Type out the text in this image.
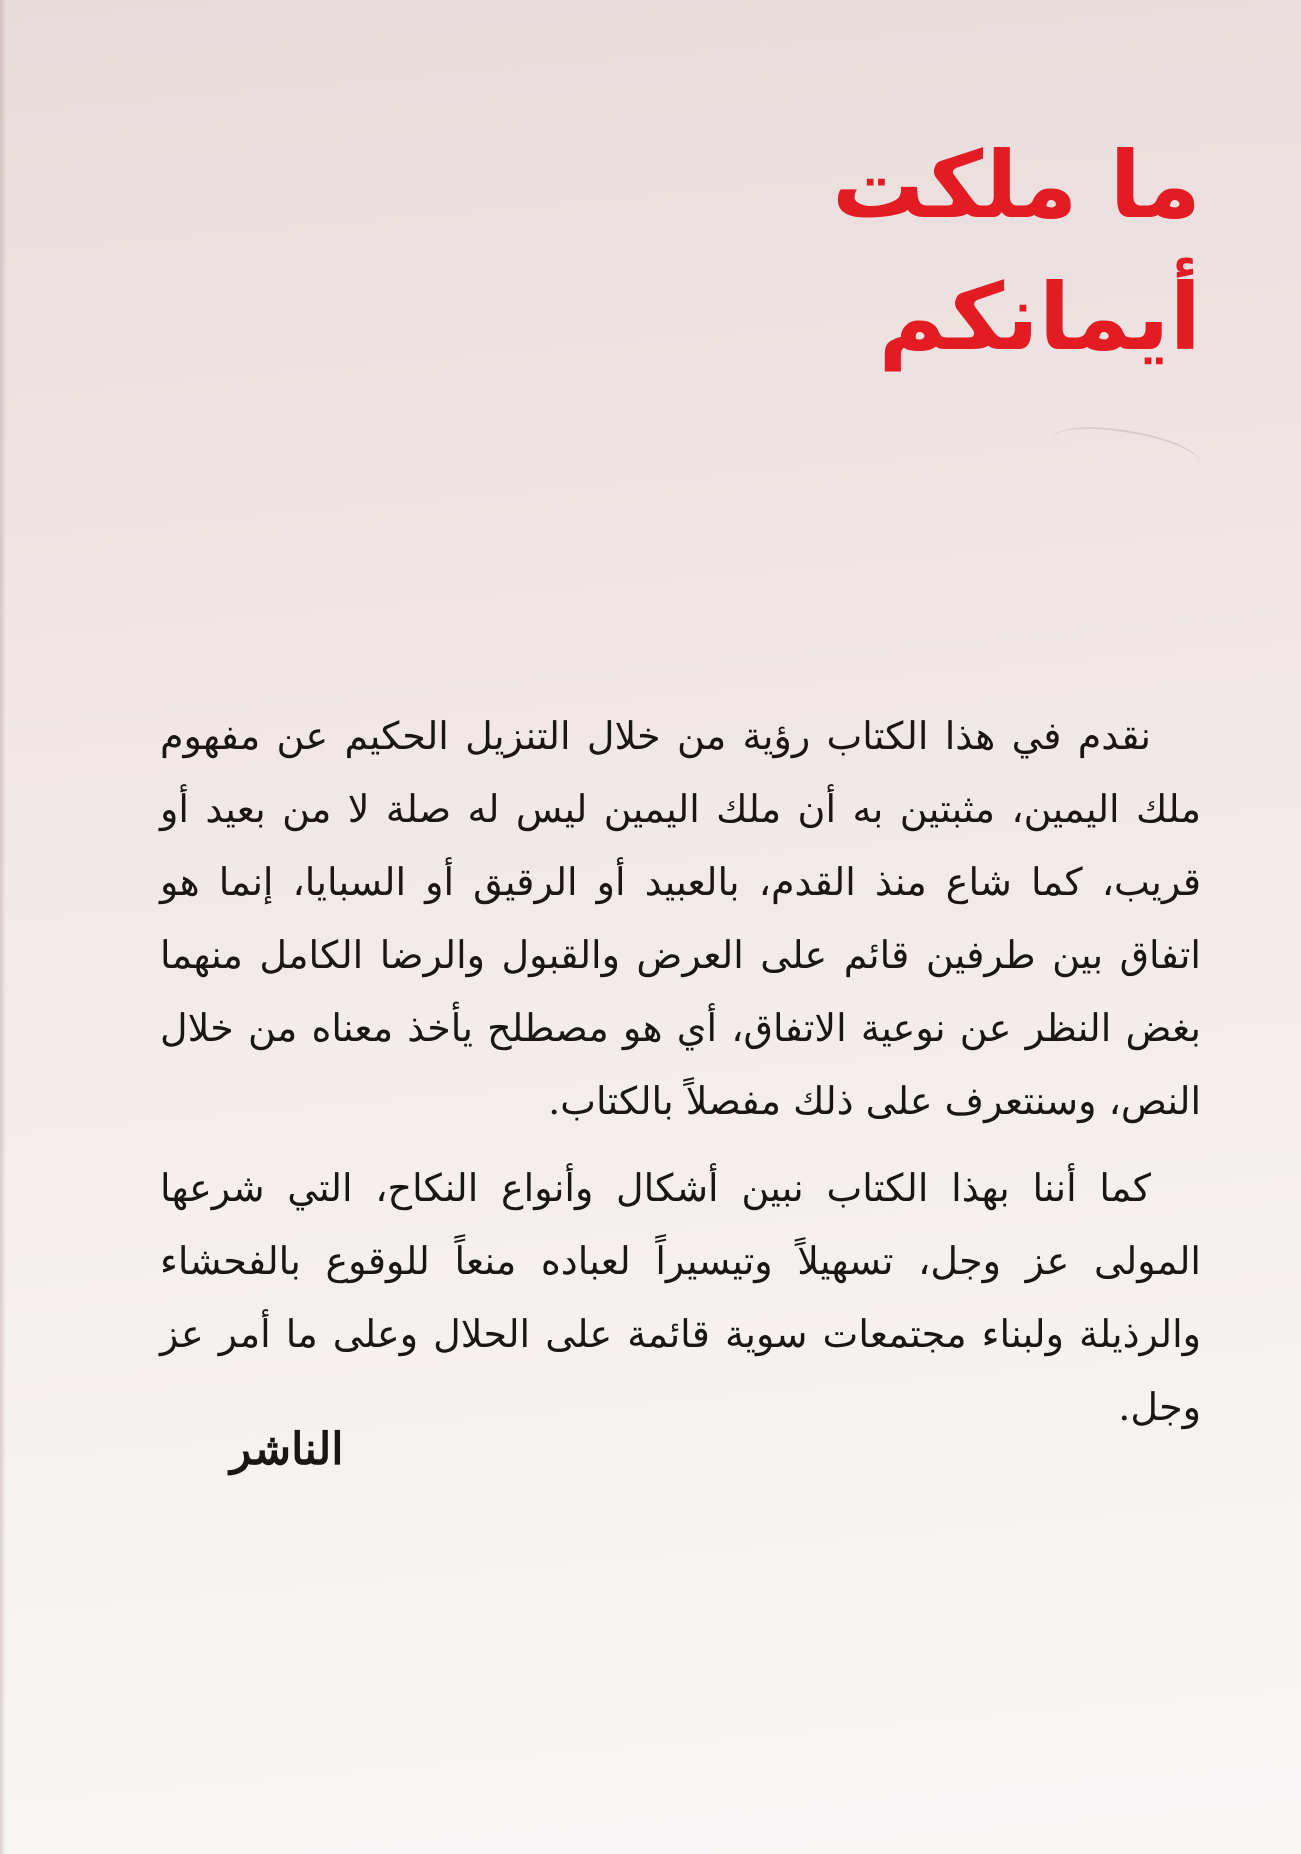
ما ملكت
أيمانكم

نقدم في هذا الكتاب رؤية من خلال التنزيل الحكيم عن مفهوم ملك اليمين، مثبتين به أن ملك اليمين ليس له صلة لا من بعيد أو قريب، كما شاع منذ القدم، بالعبيد أو الرقيق أو السبايا، إنما هو اتفاق بين طرفين قائم على العرض والقبول والرضا الكامل منهما بغض النظر عن نوعية الاتفاق، أي هو مصطلح يأخذ معناه من خلال النص، وسنتعرف على ذلك مفصلاً بالكتاب.

كما أننا بهذا الكتاب نبين أشكال وأنواع النكاح، التي شرعها المولى عز وجل، تسهيلاً وتيسيراً لعباده منعاً للوقوع بالفحشاء والرذيلة ولبناء مجتمعات سوية قائمة على الحلال وعلى ما أمر عز وجل.

الناشر
